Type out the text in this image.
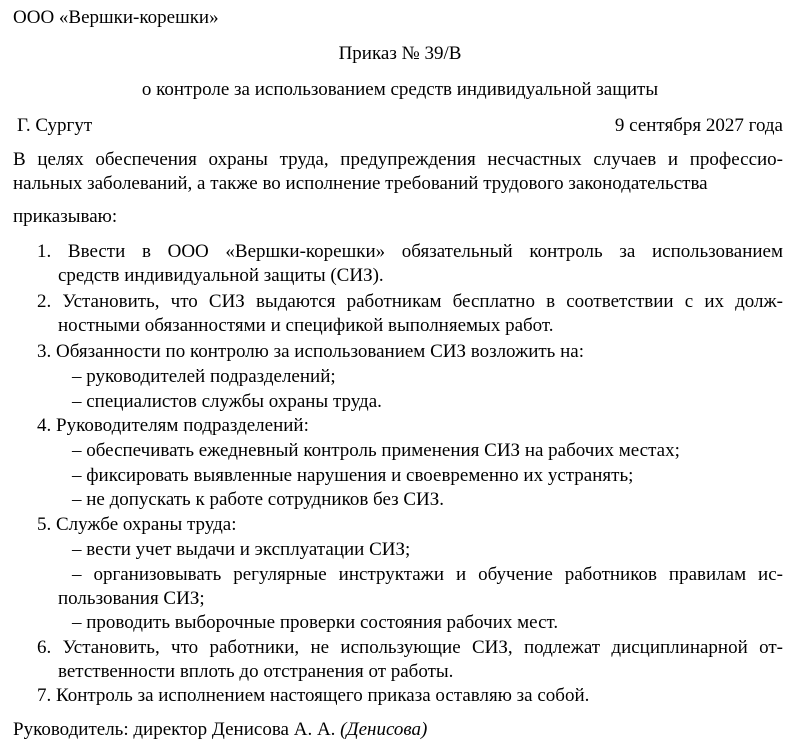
ООО «Вершки-корешки»
Приказ № 39/В
о контроле за использованием средств индивидуальной защиты
Г. Сургут	9 сентября 2027 года
В целях обеспечения охраны труда, предупреждения несчастных случаев и профессио-
нальных заболеваний, а также во исполнение требований трудового законодательства
приказываю:
1. Ввести в ООО «Вершки-корешки» обязательный контроль за использованием
средств индивидуальной защиты (СИЗ).
2. Установить, что СИЗ выдаются работникам бесплатно в соответствии с их долж-
ностными обязанностями и спецификой выполняемых работ.
3. Обязанности по контролю за использованием СИЗ возложить на:
– руководителей подразделений;
– специалистов службы охраны труда.
4. Руководителям подразделений:
– обеспечивать ежедневный контроль применения СИЗ на рабочих местах;
– фиксировать выявленные нарушения и своевременно их устранять;
– не допускать к работе сотрудников без СИЗ.
5. Службе охраны труда:
– вести учет выдачи и эксплуатации СИЗ;
– организовывать регулярные инструктажи и обучение работников правилам ис-
пользования СИЗ;
– проводить выборочные проверки состояния рабочих мест.
6. Установить, что работники, не использующие СИЗ, подлежат дисциплинарной от-
ветственности вплоть до отстранения от работы.
7. Контроль за исполнением настоящего приказа оставляю за собой.
Руководитель: директор Денисова А. А. (Денисова)
